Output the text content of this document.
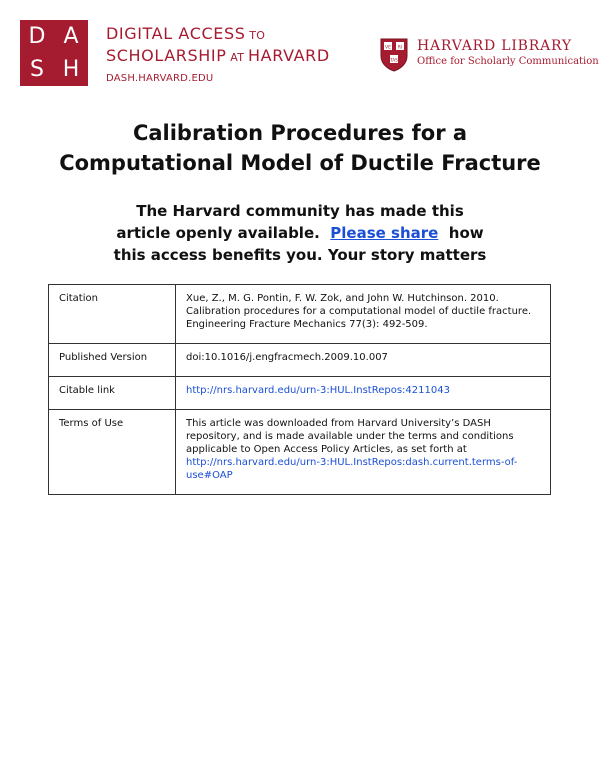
D A
S H
DIGITAL ACCESS TO
SCHOLARSHIP AT HARVARD
DASH.HARVARD.EDU
VE RI
TAS
HARVARD LIBRARY
Office for Scholarly Communication
Calibration Procedures for a
Computational Model of Ductile Fracture
The Harvard community has made this
article openly available. Please share how
this access benefits you. Your story matters
Citation	Xue, Z., M. G. Pontin, F. W. Zok, and John W. Hutchinson. 2010. Calibration procedures for a computational model of ductile fracture. Engineering Fracture Mechanics 77(3): 492-509.
Published Version	doi:10.1016/j.engfracmech.2009.10.007
Citable link	http://nrs.harvard.edu/urn-3:HUL.InstRepos:4211043
Terms of Use	This article was downloaded from Harvard University’s DASH repository, and is made available under the terms and conditions applicable to Open Access Policy Articles, as set forth at http://nrs.harvard.edu/urn-3:HUL.InstRepos:dash.current.terms-of-use#OAP
